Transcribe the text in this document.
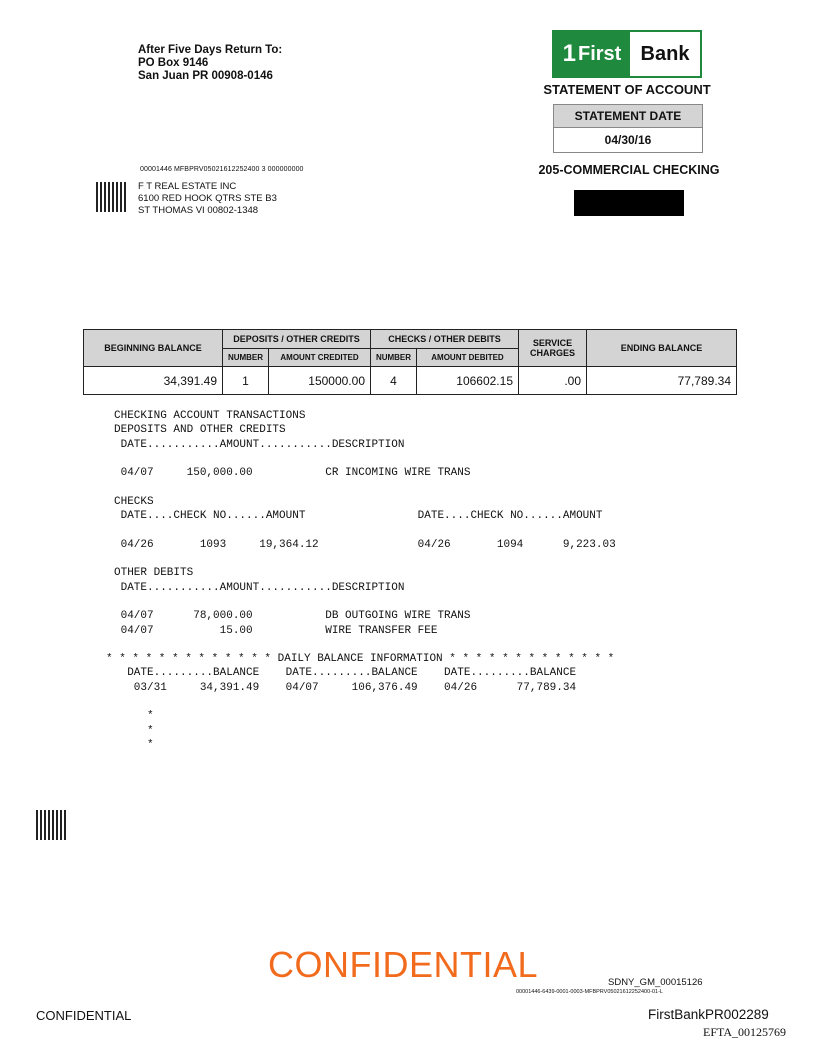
After Five Days Return To:
PO Box 9146
San Juan PR 00908-0146
1 First Bank
STATEMENT OF ACCOUNT
STATEMENT DATE
04/30/16
205-COMMERCIAL CHECKING
00001446 MFBPRV05021612252400 3 000000000
F T REAL ESTATE INC
6100 RED HOOK QTRS STE B3
ST THOMAS VI 00802-1348
BEGINNING BALANCE	DEPOSITS / OTHER CREDITS		CHECKS / OTHER DEBITS		SERVICE CHARGES	ENDING BALANCE
	NUMBER	AMOUNT CREDITED	NUMBER	AMOUNT DEBITED		
34,391.49	1	150000.00	4	106602.15	.00	77,789.34
CHECKING ACCOUNT TRANSACTIONS
DEPOSITS AND OTHER CREDITS
DATE...........AMOUNT...........DESCRIPTION
04/07     150,000.00           CR INCOMING WIRE TRANS
CHECKS
DATE....CHECK NO......AMOUNT                 DATE....CHECK NO......AMOUNT
04/26       1093     19,364.12               04/26       1094      9,223.03
OTHER DEBITS
DATE...........AMOUNT...........DESCRIPTION
04/07      78,000.00           DB OUTGOING WIRE TRANS
04/07          15.00           WIRE TRANSFER FEE
* * * * * * * * * * * * * DAILY BALANCE INFORMATION * * * * * * * * * * * * *
DATE.........BALANCE    DATE.........BALANCE    DATE.........BALANCE
03/31     34,391.49    04/07     106,376.49    04/26      77,789.34
*
*
*
CONFIDENTIAL	SDNY_GM_00015126
00001446-6439-0001-0003-MFBPRV05021612252400-01-L
CONFIDENTIAL	FirstBankPR002289
EFTA_00125769
